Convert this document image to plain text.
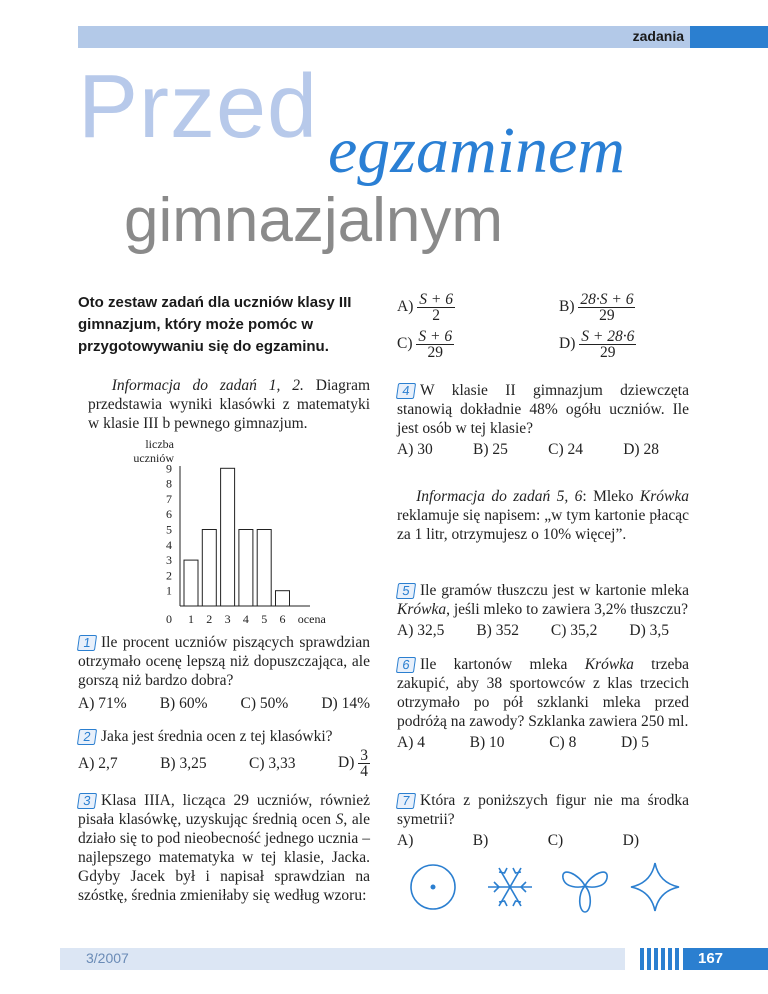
zadania
Przed egzaminem
gimnazjalnym
Oto zestaw zadań dla uczniów klasy III gimnazjum, który może pomóc w przygotowywaniu się do egzaminu.
Informacja do zadań 1, 2. Diagram przedstawia wyniki klasówki z matematyki w klasie III b pewnego gimnazjum.
liczba
uczniów
1
2
3
4
5
6
7
8
9
0 1 2 3 4 5 6 ocena
1 Ile procent uczniów piszących sprawdzian otrzymało ocenę lepszą niż dopuszczająca, ale gorszą niż bardzo dobra?
A) 71% B) 60% C) 50% D) 14%
2 Jaka jest średnia ocen z tej klasówki?
A) 2,7	B) 3,25	C) 3,33	$D) \frac{3}{4}$
3 Klasa IIIA, licząca 29 uczniów, również pisała klasówkę, uzyskując średnią ocen S, ale działo się to pod nieobecność jednego ucznia – najlepszego matematyka w tej klasie, Jacka. Gdyby Jacek był i napisał sprawdzian na szóstkę, średnia zmieniłaby się według wzoru:
$A) \frac{S + 6}{2}$	$B) \frac{28\cdot S + 6}{29}$
$C) \frac{S + 6}{29}$	$D) \frac{S + 28\cdot 6}{29}$
4 W klasie II gimnazjum dziewczęta stanowią dokładnie 48% ogółu uczniów. Ile jest osób w tej klasie?
A) 30	B) 25	C) 24	D) 28
Informacja do zadań 5, 6: Mleko Krówka reklamuje się napisem: „w tym kartonie płacąc za 1 litr, otrzymujesz o 10% więcej”.
5 Ile gramów tłuszczu jest w kartonie mleka Krówka, jeśli mleko to zawiera 3,2% tłuszczu?
A) 32,5 B) 352 C) 35,2 D) 3,5
6 Ile kartonów mleka Krówka trzeba zakupić, aby 38 sportowców z klas trzecich otrzymało po pół szklanki mleka przed podróżą na zawody? Szklanka zawiera 250 ml.
A) 4	B) 10	C) 8	D) 5
7 Która z poniższych figur nie ma środka symetrii?
A)	B)	C)	D)
3/2007	167
